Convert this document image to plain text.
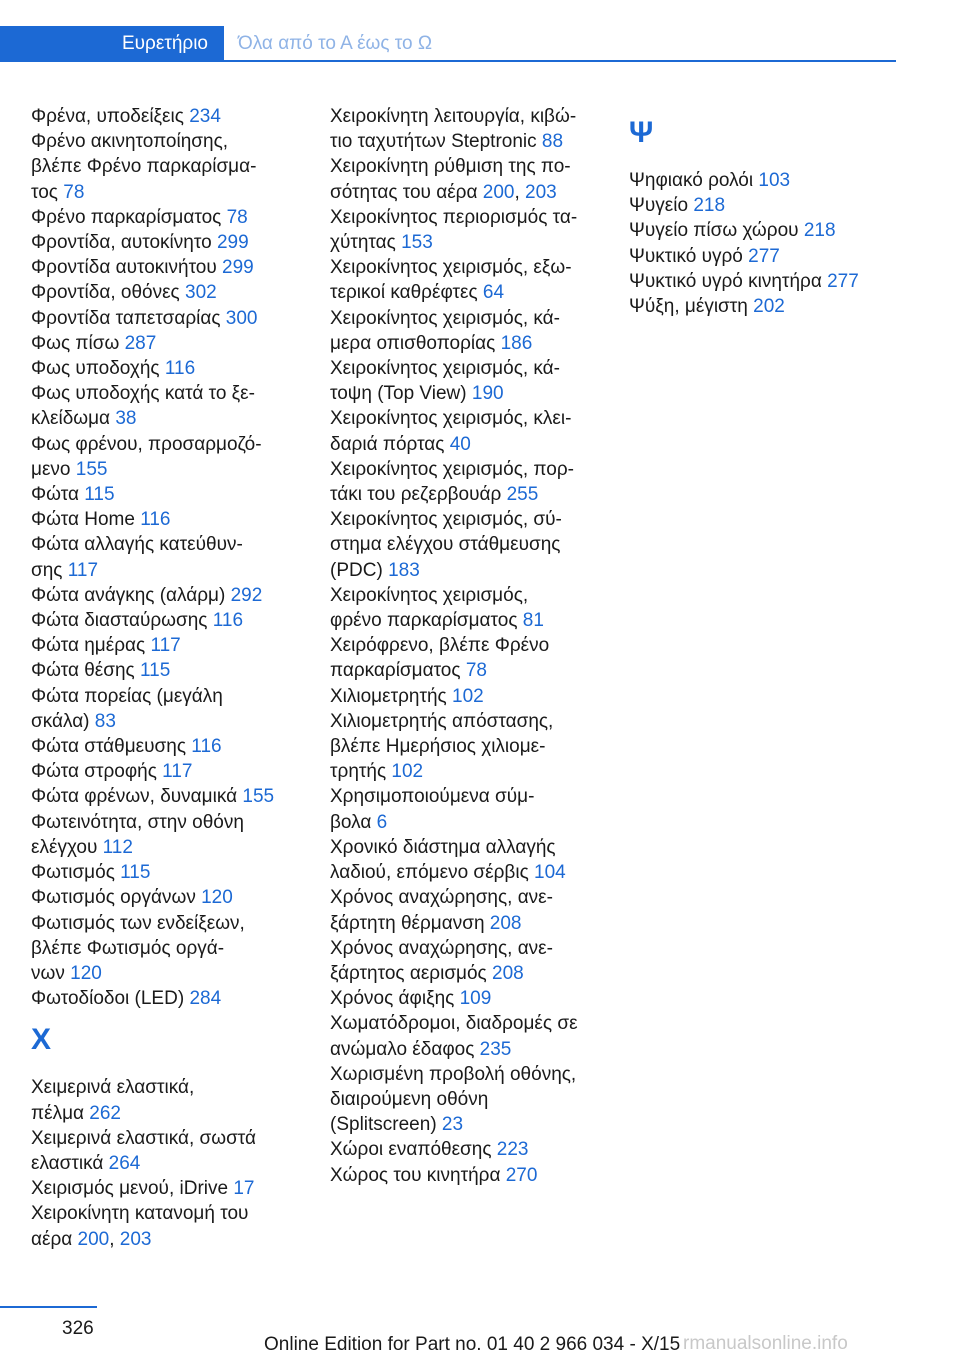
Ευρετήριο	Όλα από το Α έως το Ω
Φρένα, υποδείξεις 234
Φρένο ακινητοποίησης,
βλέπε Φρένο παρκαρίσμα-
τος 78
Φρένο παρκαρίσματος 78
Φροντίδα, αυτοκίνητο 299
Φροντίδα αυτοκινήτου 299
Φροντίδα, οθόνες 302
Φροντίδα ταπετσαρίας 300
Φως πίσω 287
Φως υποδοχής 116
Φως υποδοχής κατά το ξε-
κλείδωμα 38
Φως φρένου, προσαρμοζό-
μενο 155
Φώτα 115
Φώτα Home 116
Φώτα αλλαγής κατεύθυν-
σης 117
Φώτα ανάγκης (αλάρμ) 292
Φώτα διασταύρωσης 116
Φώτα ημέρας 117
Φώτα θέσης 115
Φώτα πορείας (μεγάλη
σκάλα) 83
Φώτα στάθμευσης 116
Φώτα στροφής 117
Φώτα φρένων, δυναμικά 155
Φωτεινότητα, στην οθόνη
ελέγχου 112
Φωτισμός 115
Φωτισμός οργάνων 120
Φωτισμός των ενδείξεων,
βλέπε Φωτισμός οργά-
νων 120
Φωτοδίοδοι (LED) 284
Χ
Χειμερινά ελαστικά,
πέλμα 262
Χειμερινά ελαστικά, σωστά
ελαστικά 264
Χειρισμός μενού, iDrive 17
Χειροκίνητη κατανομή του
αέρα 200, 203
Χειροκίνητη λειτουργία, κιβώ-
τιο ταχυτήτων Steptronic 88
Χειροκίνητη ρύθμιση της πο-
σότητας του αέρα 200, 203
Χειροκίνητος περιορισμός τα-
χύτητας 153
Χειροκίνητος χειρισμός, εξω-
τερικοί καθρέφτες 64
Χειροκίνητος χειρισμός, κά-
μερα οπισθοπορίας 186
Χειροκίνητος χειρισμός, κά-
τοψη (Top View) 190
Χειροκίνητος χειρισμός, κλει-
δαριά πόρτας 40
Χειροκίνητος χειρισμός, πορ-
τάκι του ρεζερβουάρ 255
Χειροκίνητος χειρισμός, σύ-
στημα ελέγχου στάθμευσης
(PDC) 183
Χειροκίνητος χειρισμός,
φρένο παρκαρίσματος 81
Χειρόφρενο, βλέπε Φρένο
παρκαρίσματος 78
Χιλιομετρητής 102
Χιλιομετρητής απόστασης,
βλέπε Ημερήσιος χιλιομε-
τρητής 102
Χρησιμοποιούμενα σύμ-
βολα 6
Χρονικό διάστημα αλλαγής
λαδιού, επόμενο σέρβις 104
Χρόνος αναχώρησης, ανε-
ξάρτητη θέρμανση 208
Χρόνος αναχώρησης, ανε-
ξάρτητος αερισμός 208
Χρόνος άφιξης 109
Χωματόδρομοι, διαδρομές σε
ανώμαλο έδαφος 235
Χωρισμένη προβολή οθόνης,
διαιρούμενη οθόνη
(Splitscreen) 23
Χώροι εναπόθεσης 223
Χώρος του κινητήρα 270
Ψ
Ψηφιακό ρολόι 103
Ψυγείο 218
Ψυγείο πίσω χώρου 218
Ψυκτικό υγρό 277
Ψυκτικό υγρό κινητήρα 277
Ψύξη, μέγιστη 202
326
Online Edition for Part no. 01 40 2 966 034 - X/15 rmanualsonline.info
